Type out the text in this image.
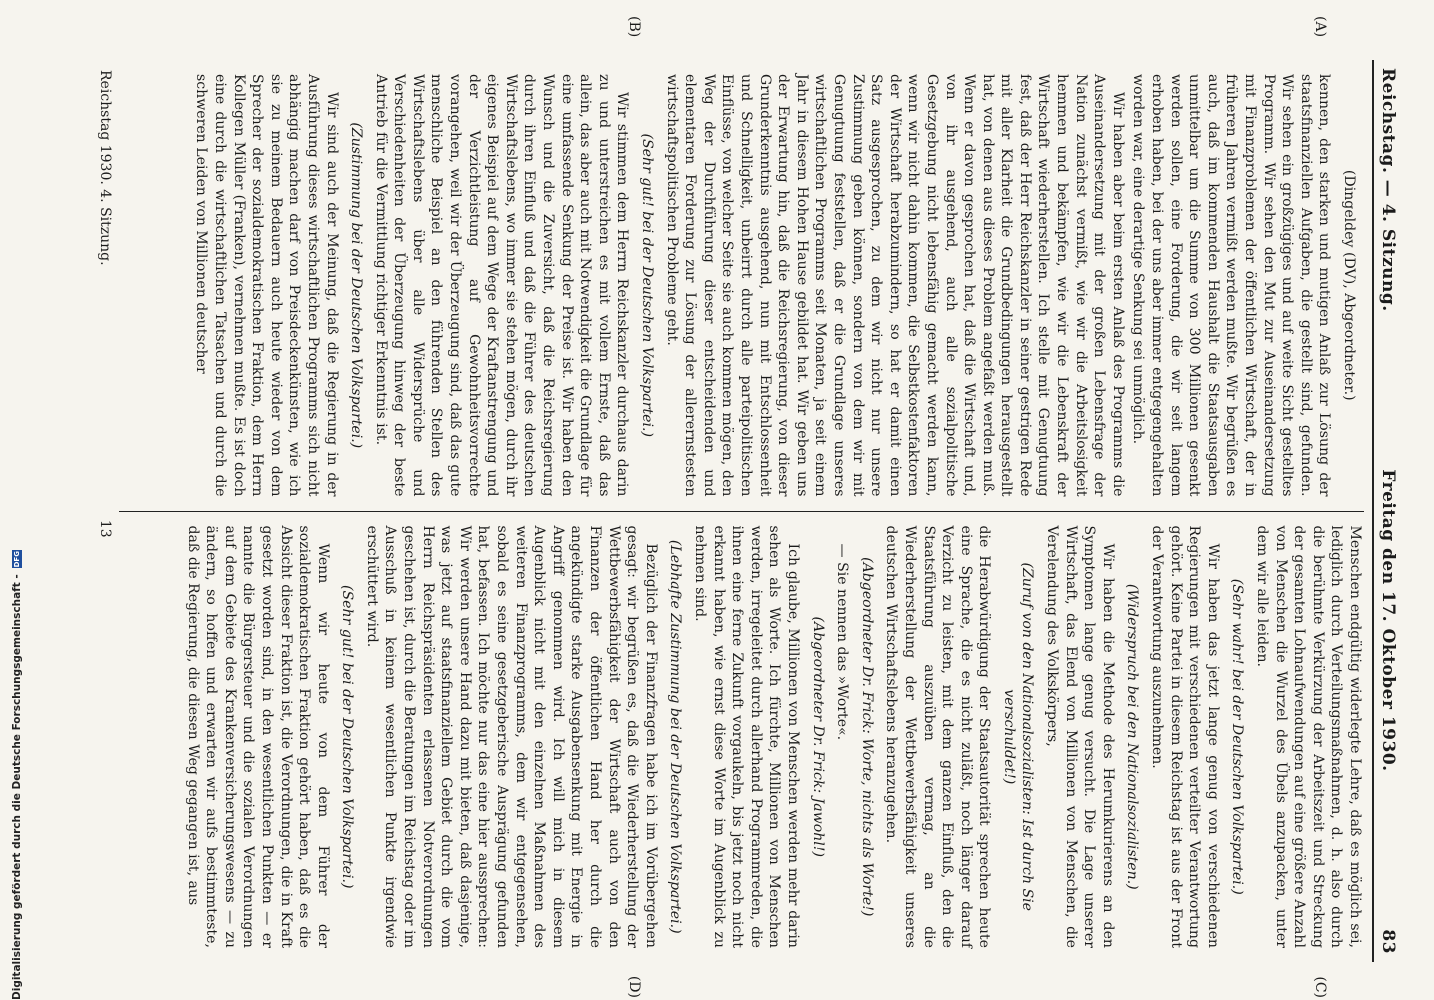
Reichstag. — 4. Sitzung.
Freitag den 17. Oktober 1930.
83
(A)
(B)
(C)
(D)

(Dingeldey (DV), Abgeordneter.)

kennen, den starken und mutigen Anlaß zur Lösung der staatsfinanziellen Aufgaben, die gestellt sind, gefunden. Wir sehen ein großzügiges und auf weite Sicht gestelltes Programm. Wir sehen den Mut zur Auseinandersetzung mit Finanzproblemen der öffentlichen Wirtschaft, der in früheren Jahren vermißt werden mußte. Wir begrüßen es auch, daß im kommenden Haushalt die Staatsausgaben unmittelbar um die Summe von 300 Millionen gesenkt werden sollen, eine Forderung, die wir seit langem erhoben haben, bei der uns aber immer entgegengehalten worden war, eine derartige Senkung sei unmöglich.

Wir haben aber beim ersten Anlaß des Programms die Auseinandersetzung mit der großen Lebensfrage der Nation zunächst vermißt, wie wir die Arbeitslosigkeit hemmen und bekämpfen, wie wir die Lebenskraft der Wirtschaft wiederherstellen. Ich stelle mit Genugtuung fest, daß der Herr Reichskanzler in seiner gestrigen Rede mit aller Klarheit die Grundbedingungen herausgestellt hat, von denen aus dieses Problem angefaßt werden muß. Wenn er davon gesprochen hat, daß die Wirtschaft und, von ihr ausgehend, auch alle sozialpolitische Gesetzgebung nicht lebensfähig gemacht werden kann, wenn wir nicht dahin kommen, die Selbstkostenfaktoren der Wirtschaft herabzumindern, so hat er damit einen Satz ausgesprochen, zu dem wir nicht nur unsere Zustimmung geben können, sondern von dem wir mit Genugtuung feststellen, daß er die Grundlage unseres wirtschaftlichen Programms seit Monaten, ja seit einem Jahr in diesem Hohen Hause gebildet hat. Wir geben uns der Erwartung hin, daß die Reichsregierung, von dieser Grunderkenntnis ausgehend, nun mit Entschlossenheit und Schnelligkeit, unbeirrt durch alle parteipolitischen Einflüsse, von welcher Seite sie auch kommen mögen, den Weg der Durchführung dieser entscheidenden und elementaren Forderung zur Lösung der allerernstesten wirtschaftspolitischen Probleme geht.

(Sehr gut! bei der Deutschen Volkspartei.)

Wir stimmen dem Herrn Reichskanzler durchaus darin zu und unterstreichen es mit vollem Ernste, daß das allein, das aber auch mit Notwendigkeit die Grundlage für eine umfassende Senkung der Preise ist. Wir haben den Wunsch und die Zuversicht, daß die Reichsregierung durch ihren Einfluß und daß die Führer des deutschen Wirtschaftslebens, wo immer sie stehen mögen, durch ihr eigenes Beispiel auf dem Wege der Kraftanstrengung und der Verzichtleistung auf Gewohnheitsvorrechte vorangehen, weil wir der Überzeugung sind, daß das gute menschliche Beispiel an den führenden Stellen des Wirtschaftslebens über alle Widersprüche und Verschiedenheiten der Überzeugung hinweg der beste Antrieb für die Vermittlung richtiger Erkenntnis ist.

(Zustimmung bei der Deutschen Volkspartei.)

Wir sind auch der Meinung, daß die Regierung in der Ausführung dieses wirtschaftlichen Programms sich nicht abhängig machen darf von Preisdeckenkünsten, wie ich sie zu meinem Bedauern auch heute wieder von dem Sprecher der sozialdemokratischen Fraktion, dem Herrn Kollegen Müller (Franken), vernehmen mußte. Es ist doch eine durch die wirtschaftlichen Tatsachen und durch die schweren Leiden von Millionen deutscher

Menschen endgültig widerlegte Lehre, daß es möglich sei, lediglich durch Verteilungsmaßnahmen, d. h. also durch die berühmte Verkürzung der Arbeitszeit und Streckung der gesamten Lohnaufwendungen auf eine größere Anzahl von Menschen die Wurzel des Übels anzupacken, unter dem wir alle leiden.

(Sehr wahr! bei der Deutschen Volkspartei.)

Wir haben das jetzt lange genug von verschiedenen Regierungen mit verschiedenen verteilter Verantwortung gehört. Keine Partei in diesem Reichstag ist aus der Front der Verantwortung auszunehmen.

(Widerspruch bei den Nationalsozialisten.)

Wir haben die Methode des Herumkurierens an den Symptomen lange genug versucht. Die Lage unserer Wirtschaft, das Elend von Millionen von Menschen, die Verelendung des Volkskörpers,

(Zuruf von den Nationalsozialisten: Ist durch Sie verschuldet!)

die Herabwürdigung der Staatsautorität sprechen heute eine Sprache, die es nicht zuläßt, noch länger darauf Verzicht zu leisten, mit dem ganzen Einfluß, den die Staatsführung auszuüben vermag, an die Wiederherstellung der Wettbewerbsfähigkeit unseres deutschen Wirtschaftslebens heranzugehen.

(Abgeordneter Dr. Frick: Worte, nichts als Worte!)

— Sie nennen das »Worte«.

(Abgeordneter Dr. Frick: Jawohl!)

Ich glaube, Millionen von Menschen werden mehr darin sehen als Worte. Ich fürchte, Millionen von Menschen werden, irregeleitet durch allerhand Programmreden, die ihnen eine ferne Zukunft vorgaukeln, bis jetzt noch nicht erkannt haben, wie ernst diese Worte im Augenblick zu nehmen sind.

(Lebhafte Zustimmung bei der Deutschen Volkspartei.)

Bezüglich der Finanzfragen habe ich im Vorübergehen gesagt: wir begrüßen es, daß die Wiederherstellung der Wettbewerbsfähigkeit der Wirtschaft auch von den Finanzen der öffentlichen Hand her durch die angekündigte starke Ausgabensenkung mit Energie in Angriff genommen wird. Ich will mich in diesem Augenblick nicht mit den einzelnen Maßnahmen des weiteren Finanzprogramms, dem wir entgegensehen, sobald es seine gesetzgeberische Ausprägung gefunden hat, befassen. Ich möchte nur das eine hier aussprechen: Wir werden unsere Hand dazu mit bieten, daß dasjenige, was jetzt auf staatsfinanziellem Gebiet durch die vom Herrn Reichspräsidenten erlassenen Notverordnungen geschehen ist, durch die Beratungen im Reichstag oder im Ausschuß in keinem wesentlichen Punkte irgendwie erschüttert wird.

(Sehr gut! bei der Deutschen Volkspartei.)

Wenn wir heute von dem Führer der sozialdemokratischen Fraktion gehört haben, daß es die Absicht dieser Fraktion ist, die Verordnungen, die in Kraft gesetzt worden sind, in den wesentlichen Punkten — er nannte die Bürgersteuer und die sozialen Verordnungen auf dem Gebiete des Krankenversicherungswesens — zu ändern, so hoffen und erwarten wir aufs bestimmteste, daß die Regierung, die diesen Weg gegangen ist, aus

Reichstag 1930. 4. Sitzung.
13
Digitalisierung gefördert durch die Deutsche Forschungsgemeinschaft -
DFG
